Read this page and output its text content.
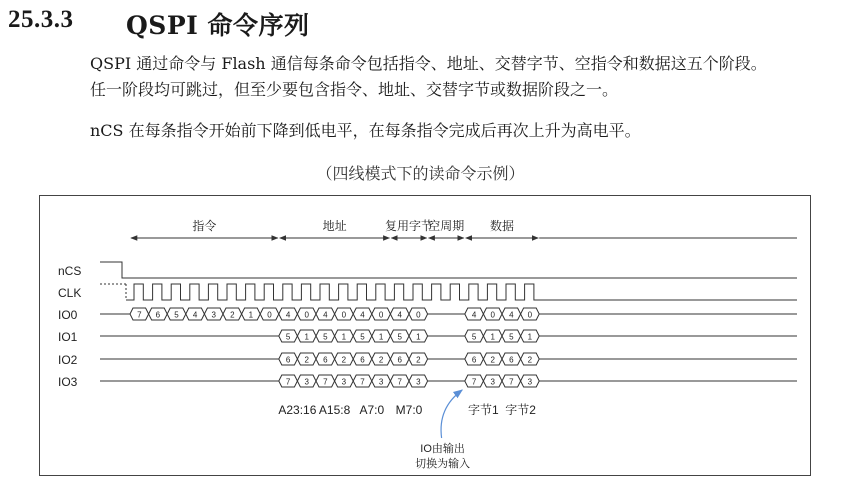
25.3.3 QSPI 命令序列
QSPI 通过命令与 Flash 通信每条命令包括指令、地址、交替字节、空指令和数据这五个阶段。
任一阶段均可跳过，但至少要包含指令、地址、交替字节或数据阶段之一。
nCS 在每条指令开始前下降到低电平，在每条指令完成后再次上升为高电平。
（四线模式下的读命令示例）
指令	地址	复用字节
空周期 数据
nCS
CLK
IO0
IO1
IO2
IO3
7 6 5 4 3 2 1 0 4 0 4 0 4 0 4 0	4 0 4 0
5 1 5 1 5 1 5 1	5 1 5 1
6 2 6 2 6 2 6 2	6 2 6 2
7 3 7 3 7 3 7 3	7 3 7 3
A23:16 A15:8 A7:0 M7:0	字节1 字节2
IO由输出
切换为输入
